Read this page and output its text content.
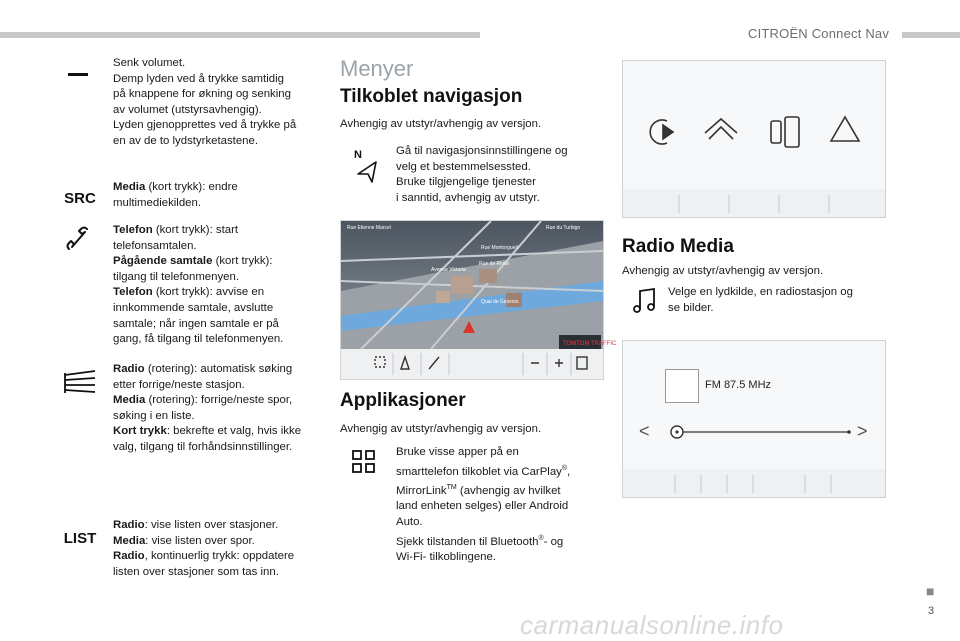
CITROËN Connect Nav
Senk volumet.
Demp lyden ved å trykke samtidig
på knappene for økning og senking
av volumet (utstyrsavhengig).
Lyden gjenopprettes ved å trykke på
en av de to lydstyrketastene.
SRC
Media (kort trykk): endre
multimediekilden.
Telefon (kort trykk): start
telefonsamtalen.
Pågående samtale (kort trykk):
tilgang til telefonmenyen.
Telefon (kort trykk): avvise en
innkommende samtale, avslutte
samtale; når ingen samtale er på
gang, få tilgang til telefonmenyen.
Radio (rotering): automatisk søking
etter forrige/neste stasjon.
Media (rotering): forrige/neste spor,
søking i en liste.
Kort trykk: bekrefte et valg, hvis ikke
valg, tilgang til forhåndsinnstillinger.
LIST
Radio: vise listen over stasjoner.
Media: vise listen over spor.
Radio, kontinuerlig trykk: oppdatere
listen over stasjoner som tas inn.
Menyer
Tilkoblet navigasjon
Avhengig av utstyr/avhengig av versjon.
N	Gå til navigasjonsinnstillingene og
velg et bestemmelsessted.
Bruke tilgjengelige tjenester
i sanntid, avhengig av utstyr.
Rue Etienne Marcel	Rue du Turbigo
Rue Montorgueil
Rue de Rivoli
Avenue Victoria
Quai de Gesvres
TOMTOM TRAFFIC
Applikasjoner
Avhengig av utstyr/avhengig av versjon.
Bruke visse apper på en
smarttelefon tilkoblet via CarPlay®,
MirrorLink™ (avhengig av hvilket
land enheten selges) eller Android
Auto.
Sjekk tilstanden til Bluetooth®- og
Wi-Fi- tilkoblingene.
Radio Media
Avhengig av utstyr/avhengig av versjon.
Velge en lydkilde, en radiostasjon og
se bilder.
FM 87.5 MHz
<	>
■
3
carmanualsonline.info
